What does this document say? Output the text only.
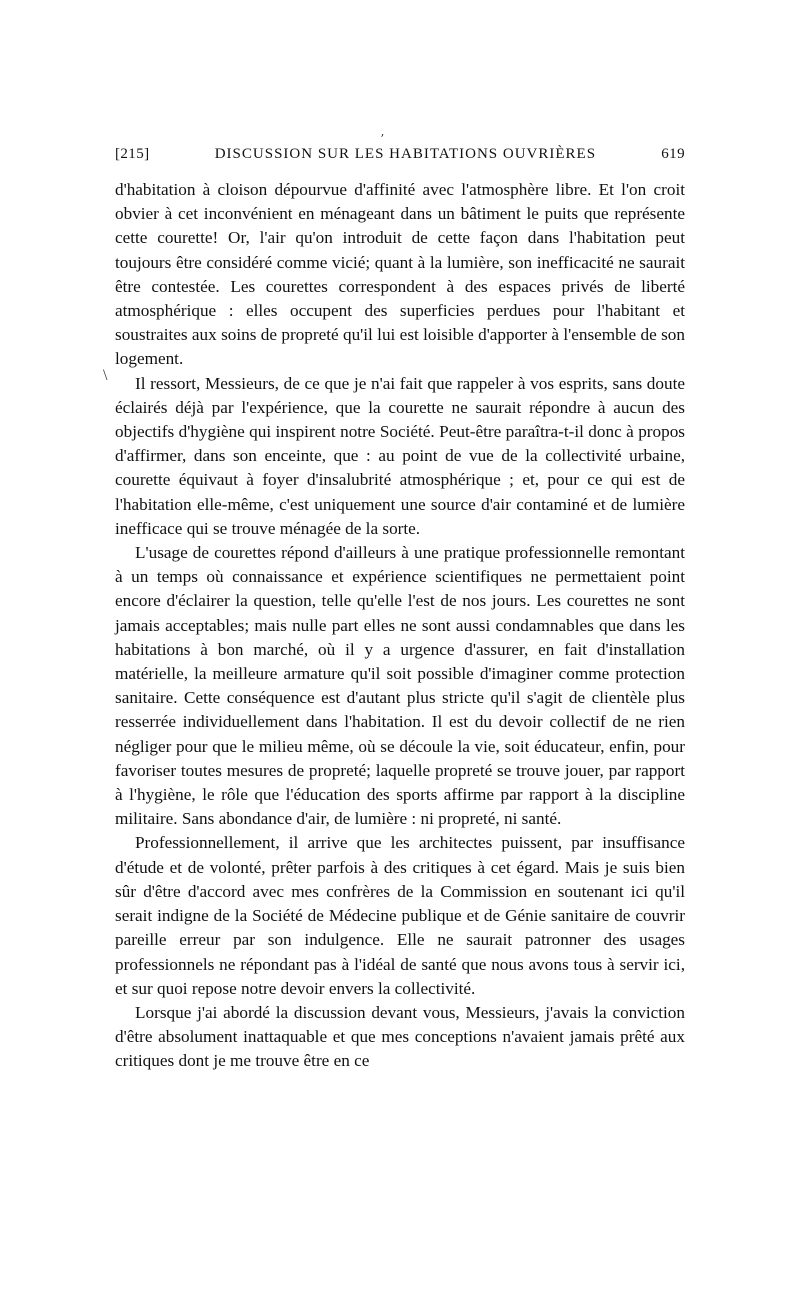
ʼ
\
[215]	DISCUSSION SUR LES HABITATIONS OUVRIÈRES	619

d'habitation à cloison dépourvue d'affinité avec l'atmosphère libre. Et l'on croit obvier à cet inconvénient en ménageant dans un bâtiment le puits que représente cette courette! Or, l'air qu'on introduit de cette façon dans l'habitation peut toujours être considéré comme vicié; quant à la lumière, son inefficacité ne saurait être contestée. Les courettes correspondent à des espaces privés de liberté atmosphérique : elles occupent des superficies perdues pour l'habitant et soustraites aux soins de propreté qu'il lui est loisible d'apporter à l'ensemble de son logement.

Il ressort, Messieurs, de ce que je n'ai fait que rappeler à vos esprits, sans doute éclairés déjà par l'expérience, que la courette ne saurait répondre à aucun des objectifs d'hygiène qui inspirent notre Société. Peut-être paraîtra-t-il donc à propos d'affirmer, dans son enceinte, que : au point de vue de la collectivité urbaine, courette équivaut à foyer d'insalubrité atmosphérique ; et, pour ce qui est de l'habitation elle-même, c'est uniquement une source d'air contaminé et de lumière inefficace qui se trouve ménagée de la sorte.

L'usage de courettes répond d'ailleurs à une pratique professionnelle remontant à un temps où connaissance et expérience scientifiques ne permettaient point encore d'éclairer la question, telle qu'elle l'est de nos jours. Les courettes ne sont jamais acceptables; mais nulle part elles ne sont aussi condamnables que dans les habitations à bon marché, où il y a urgence d'assurer, en fait d'installation matérielle, la meilleure armature qu'il soit possible d'imaginer comme protection sanitaire. Cette conséquence est d'autant plus stricte qu'il s'agit de clientèle plus resserrée individuellement dans l'habitation. Il est du devoir collectif de ne rien négliger pour que le milieu même, où se découle la vie, soit éducateur, enfin, pour favoriser toutes mesures de propreté; laquelle propreté se trouve jouer, par rapport à l'hygiène, le rôle que l'éducation des sports affirme par rapport à la discipline militaire. Sans abondance d'air, de lumière : ni propreté, ni santé.

Professionnellement, il arrive que les architectes puissent, par insuffisance d'étude et de volonté, prêter parfois à des critiques à cet égard. Mais je suis bien sûr d'être d'accord avec mes confrères de la Commission en soutenant ici qu'il serait indigne de la Société de Médecine publique et de Génie sanitaire de couvrir pareille erreur par son indulgence. Elle ne saurait patronner des usages professionnels ne répondant pas à l'idéal de santé que nous avons tous à servir ici, et sur quoi repose notre devoir envers la collectivité.

Lorsque j'ai abordé la discussion devant vous, Messieurs, j'avais la conviction d'être absolument inattaquable et que mes conceptions n'avaient jamais prêté aux critiques dont je me trouve être en ce
